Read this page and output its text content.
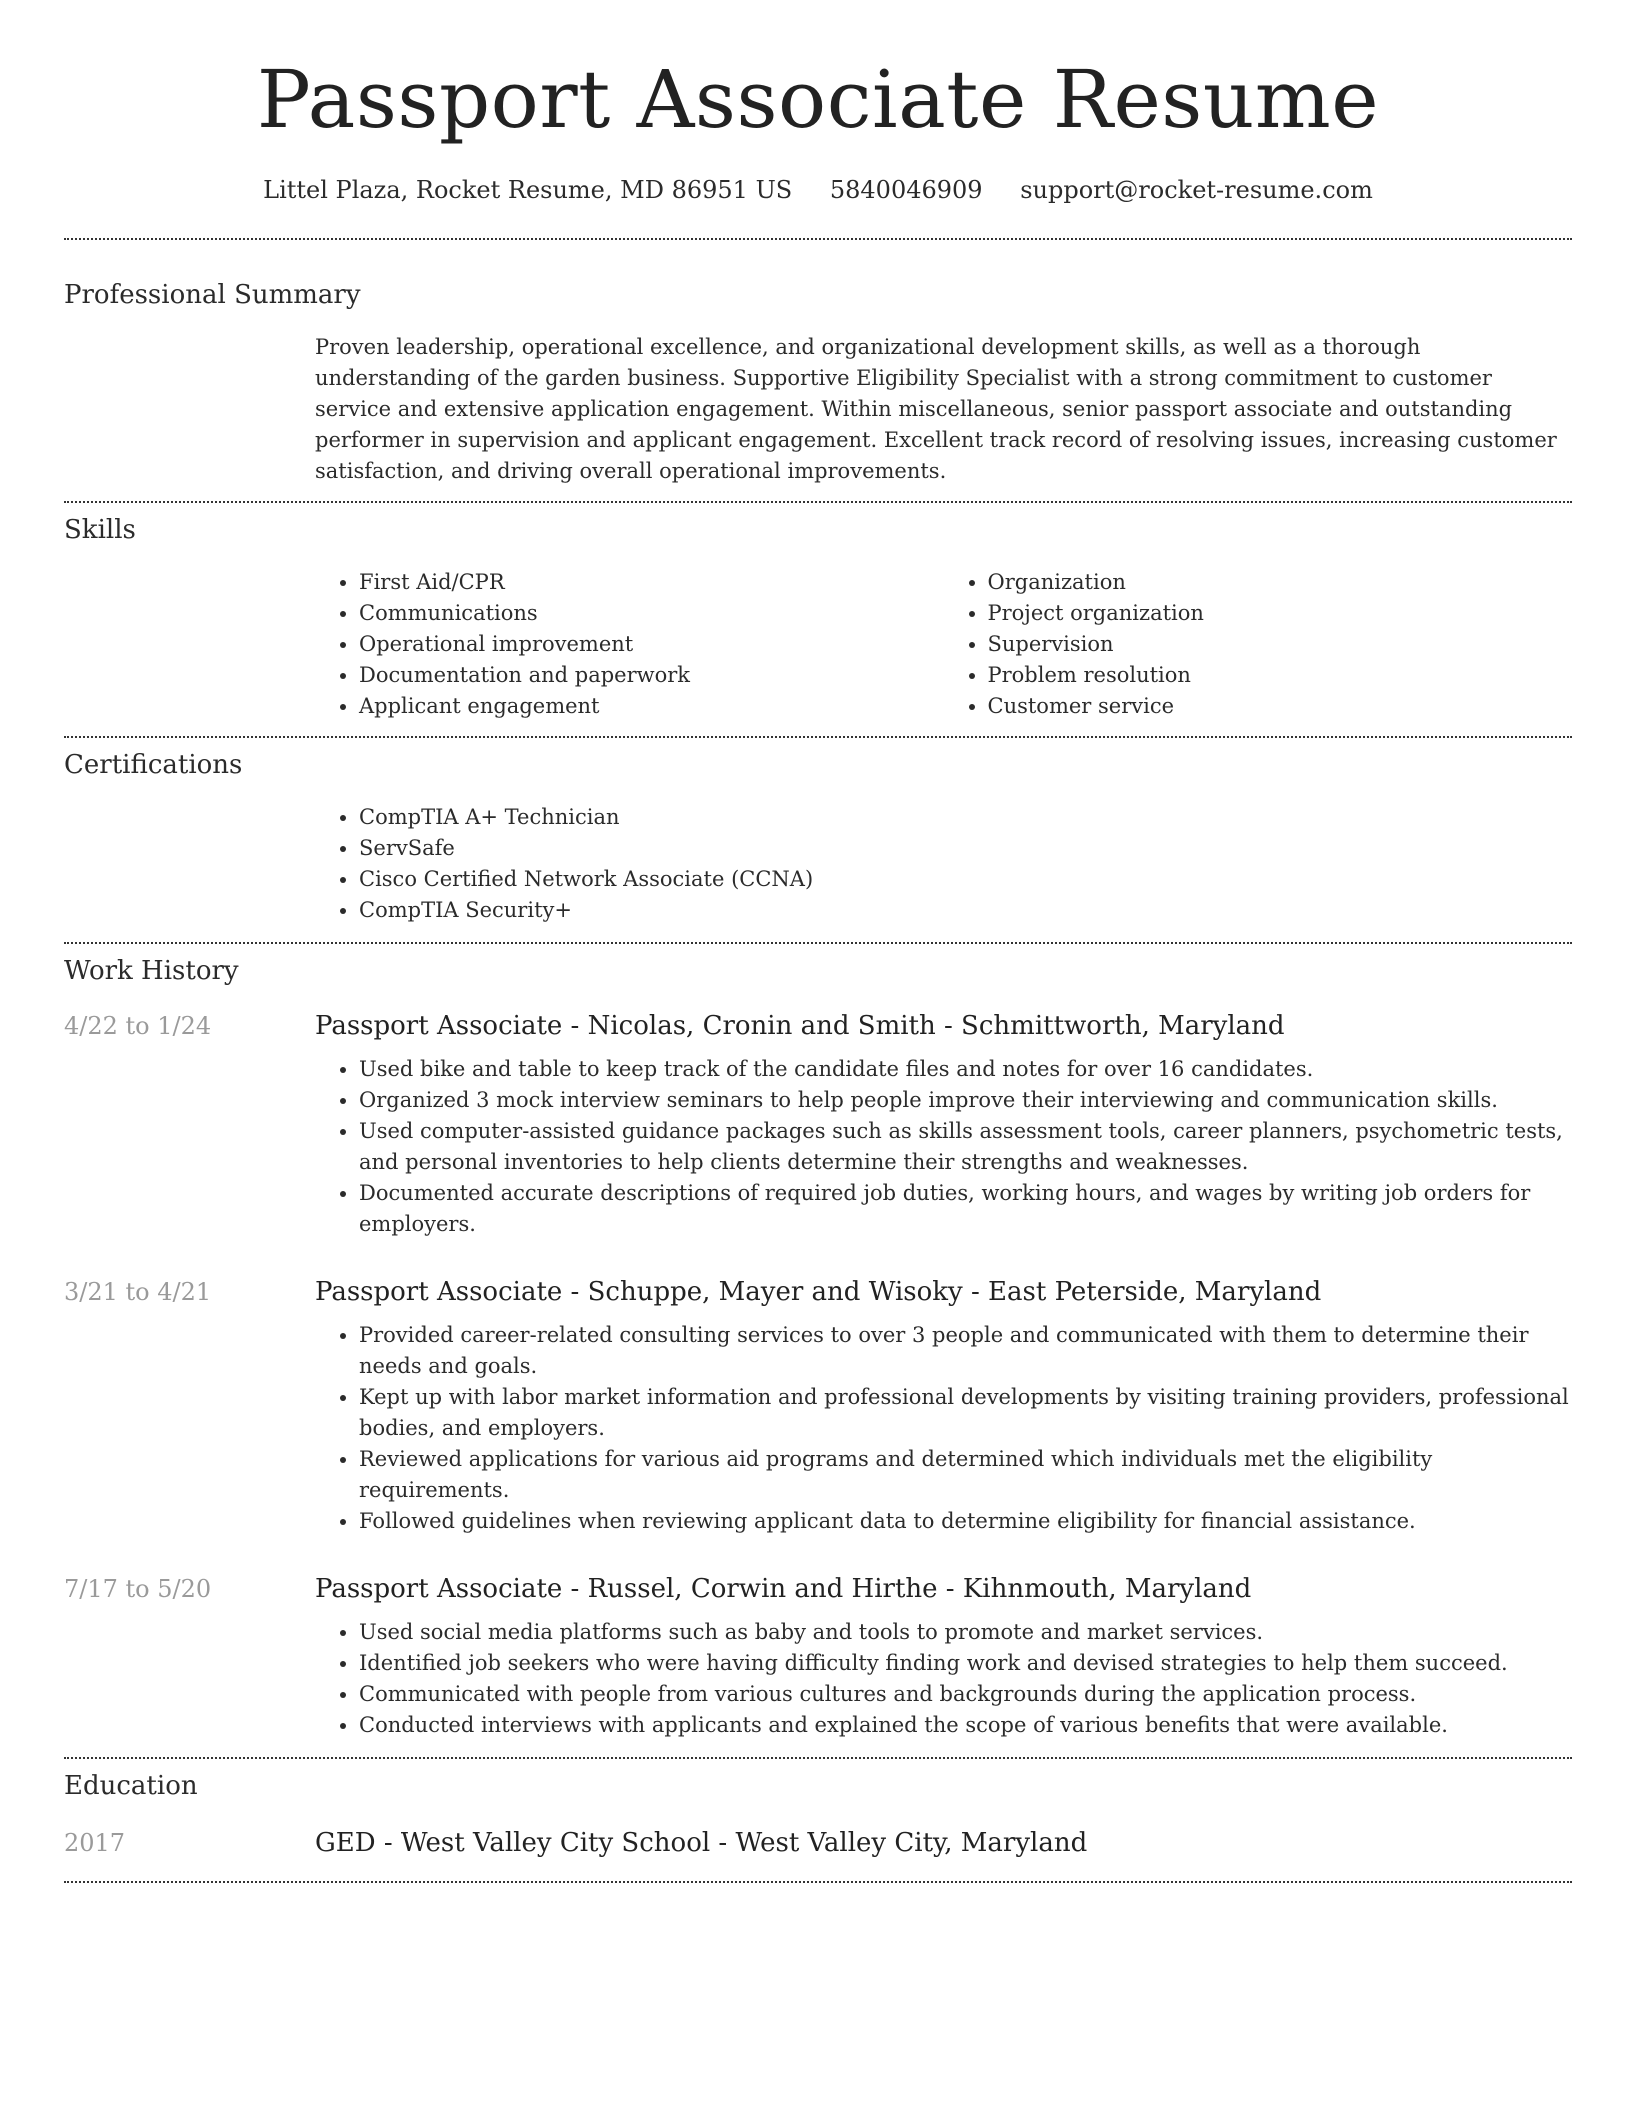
Passport Associate Resume
Littel Plaza, Rocket Resume, MD 86951 US 5840046909 support@rocket-resume.com
Professional Summary
Proven leadership, operational excellence, and organizational development skills, as well as a thorough understanding of the garden business. Supportive Eligibility Specialist with a strong commitment to customer service and extensive application engagement. Within miscellaneous, senior passport associate and outstanding performer in supervision and applicant engagement. Excellent track record of resolving issues, increasing customer satisfaction, and driving overall operational improvements.
Skills
• First Aid/CPR
• Communications
• Operational improvement
• Documentation and paperwork
• Applicant engagement
• Organization
• Project organization
• Supervision
• Problem resolution
• Customer service
Certifications
• CompTIA A+ Technician
• ServSafe
• Cisco Certified Network Associate (CCNA)
• CompTIA Security+
Work History
4/22 to 1/24	Passport Associate - Nicolas, Cronin and Smith - Schmittworth, Maryland
• Used bike and table to keep track of the candidate files and notes for over 16 candidates.
• Organized 3 mock interview seminars to help people improve their interviewing and communication skills.
• Used computer-assisted guidance packages such as skills assessment tools, career planners, psychometric tests, and personal inventories to help clients determine their strengths and weaknesses.
• Documented accurate descriptions of required job duties, working hours, and wages by writing job orders for employers.
3/21 to 4/21	Passport Associate - Schuppe, Mayer and Wisoky - East Peterside, Maryland
• Provided career-related consulting services to over 3 people and communicated with them to determine their needs and goals.
• Kept up with labor market information and professional developments by visiting training providers, professional bodies, and employers.
• Reviewed applications for various aid programs and determined which individuals met the eligibility requirements.
• Followed guidelines when reviewing applicant data to determine eligibility for financial assistance.
7/17 to 5/20	Passport Associate - Russel, Corwin and Hirthe - Kihnmouth, Maryland
• Used social media platforms such as baby and tools to promote and market services.
• Identified job seekers who were having difficulty finding work and devised strategies to help them succeed.
• Communicated with people from various cultures and backgrounds during the application process.
• Conducted interviews with applicants and explained the scope of various benefits that were available.
Education
2017	GED - West Valley City School - West Valley City, Maryland
